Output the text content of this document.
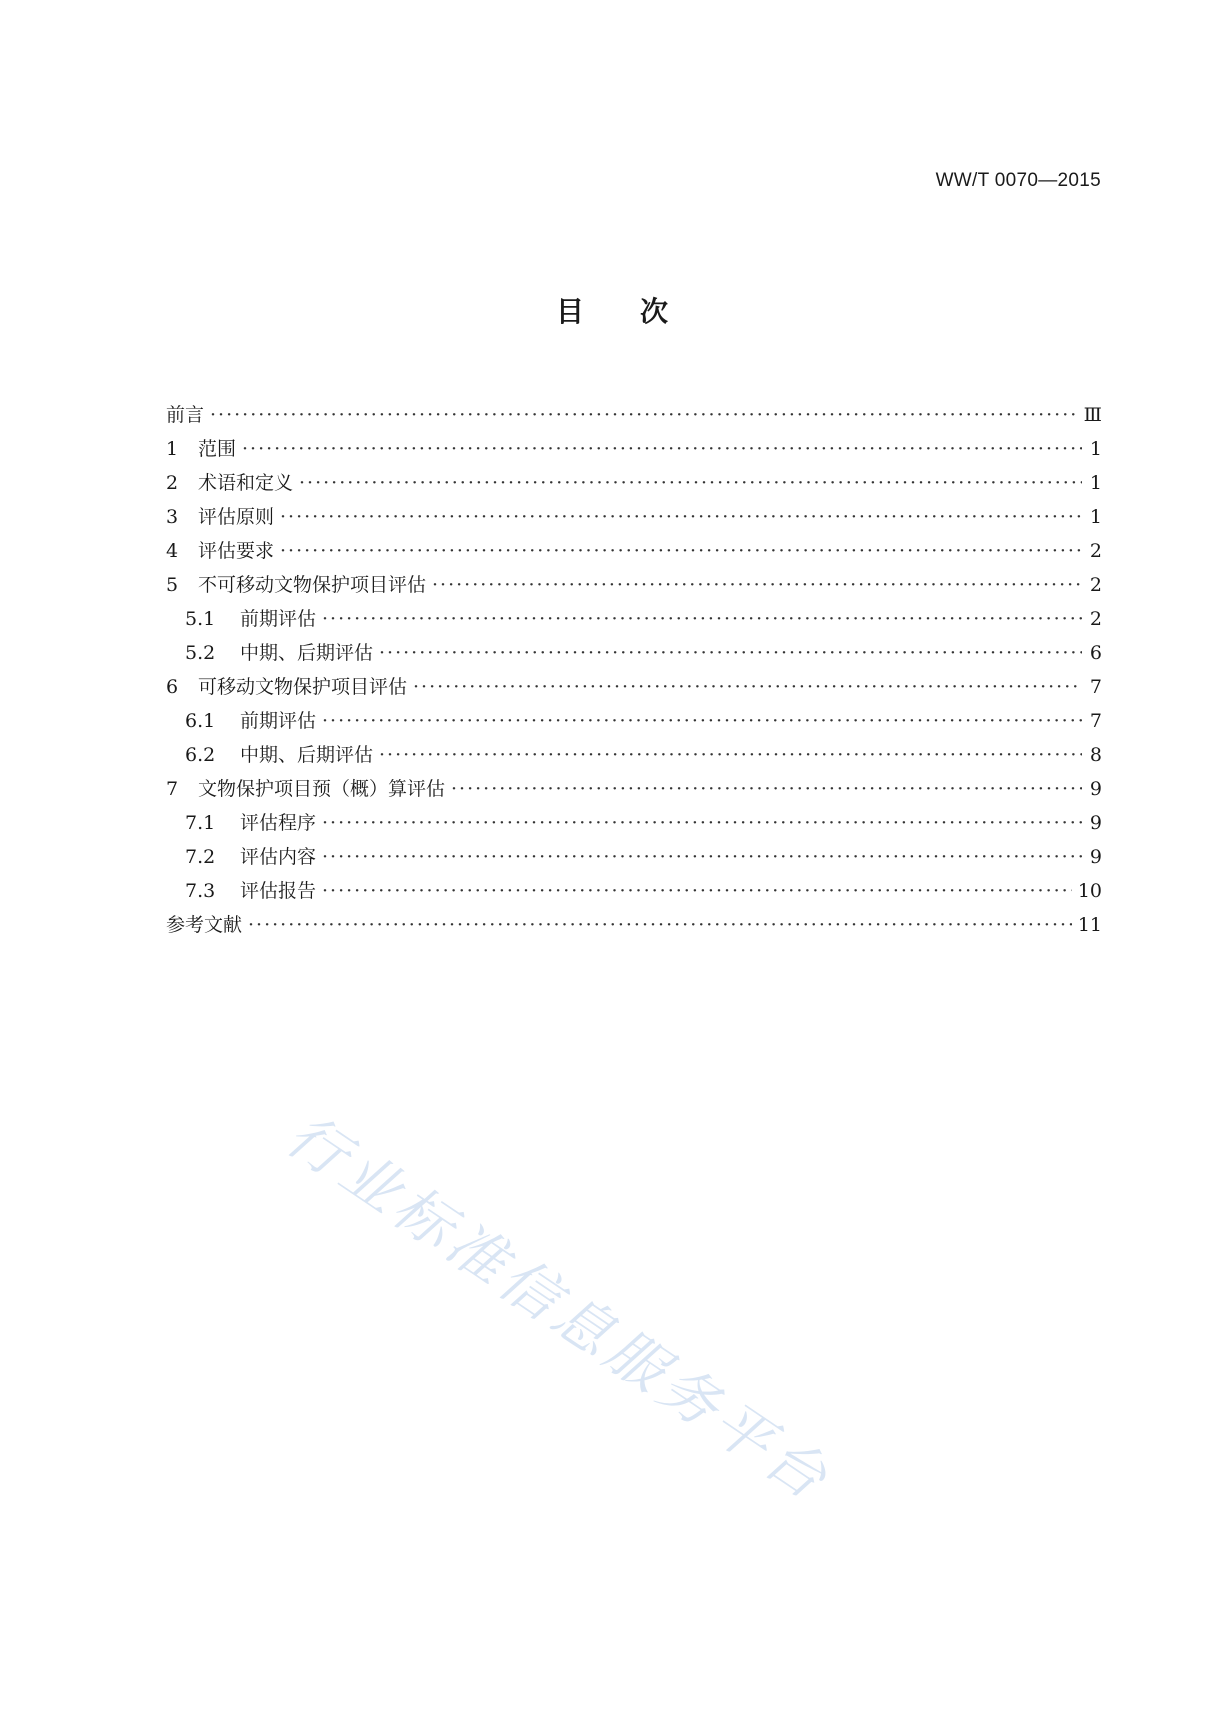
WW/T 0070—2015
目次
前言 ·····	Ⅲ
1	范围 ·····	1
2	术语和定义 ·····	1
3	评估原则 ·····	1
4	评估要求 ·····	2
5	不可移动文物保护项目评估 ·····	2
5.1	前期评估 ·····	2
5.2	中期、后期评估 ·····	6
6	可移动文物保护项目评估 ·····	7
6.1	前期评估 ·····	7
6.2	中期、后期评估 ·····	8
7	文物保护项目预（概）算评估 ·····	9
7.1	评估程序 ·····	9
7.2	评估内容 ·····	9
7.3	评估报告 ·····	10
参考文献 ·····	11
行业标准信息服务平台
